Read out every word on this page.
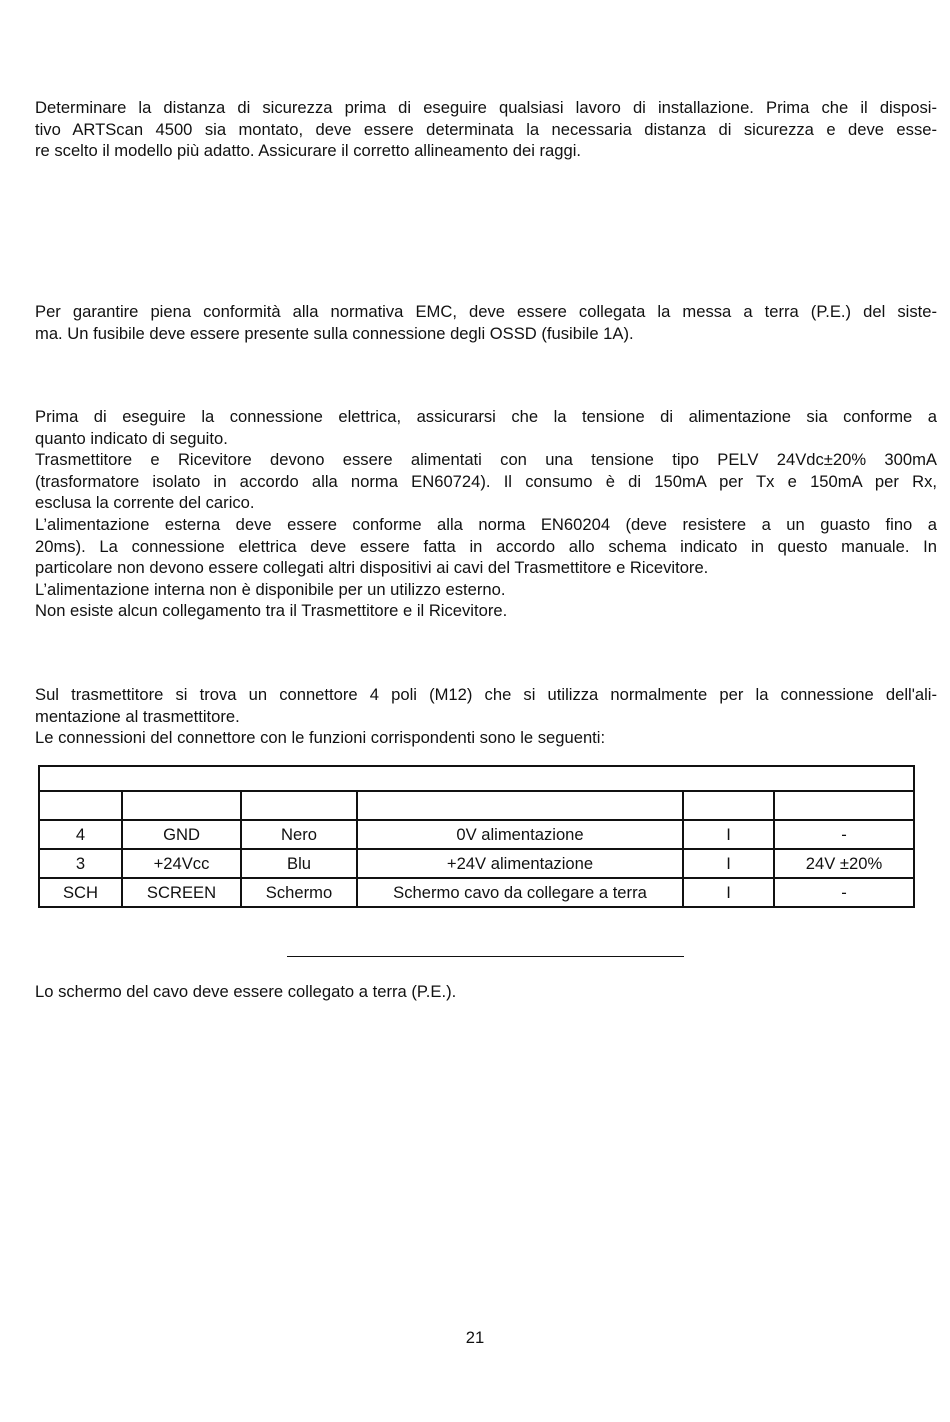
Determinare la distanza di sicurezza prima di eseguire qualsiasi lavoro di installazione. Prima che il disposi-
tivo ARTScan 4500 sia montato, deve essere determinata la necessaria distanza di sicurezza e deve esse-
re scelto il modello più adatto. Assicurare il corretto allineamento dei raggi.
Per garantire piena conformità alla normativa EMC, deve essere collegata la messa a terra (P.E.) del siste-
ma. Un fusibile deve essere presente sulla connessione degli OSSD (fusibile 1A).
Prima di eseguire la connessione elettrica, assicurarsi che la tensione di alimentazione sia conforme a
quanto indicato di seguito.
Trasmettitore e Ricevitore devono essere alimentati con una tensione tipo PELV 24Vdc±20% 300mA
(trasformatore isolato in accordo alla norma EN60724). Il consumo è di 150mA per Tx e 150mA per Rx,
esclusa la corrente del carico.
L’alimentazione esterna deve essere conforme alla norma EN60204 (deve resistere a un guasto fino a
20ms). La connessione elettrica deve essere fatta in accordo allo schema indicato in questo manuale. In
particolare non devono essere collegati altri dispositivi ai cavi del Trasmettitore e Ricevitore.
L’alimentazione interna non è disponibile per un utilizzo esterno.
Non esiste alcun collegamento tra il Trasmettitore e il Ricevitore.
Sul trasmettitore si trova un connettore 4 poli (M12) che si utilizza normalmente per la connessione dell'ali-
mentazione al trasmettitore.
Le connessioni del connettore con le funzioni corrispondenti sono le seguenti:

4	GND	Nero	0V alimentazione	I	-
3	+24Vcc	Blu	+24V alimentazione	I	24V ±20%
SCH	SCREEN	Schermo	Schermo cavo da collegare a terra	I	-
Lo schermo del cavo deve essere collegato a terra (P.E.).
21
